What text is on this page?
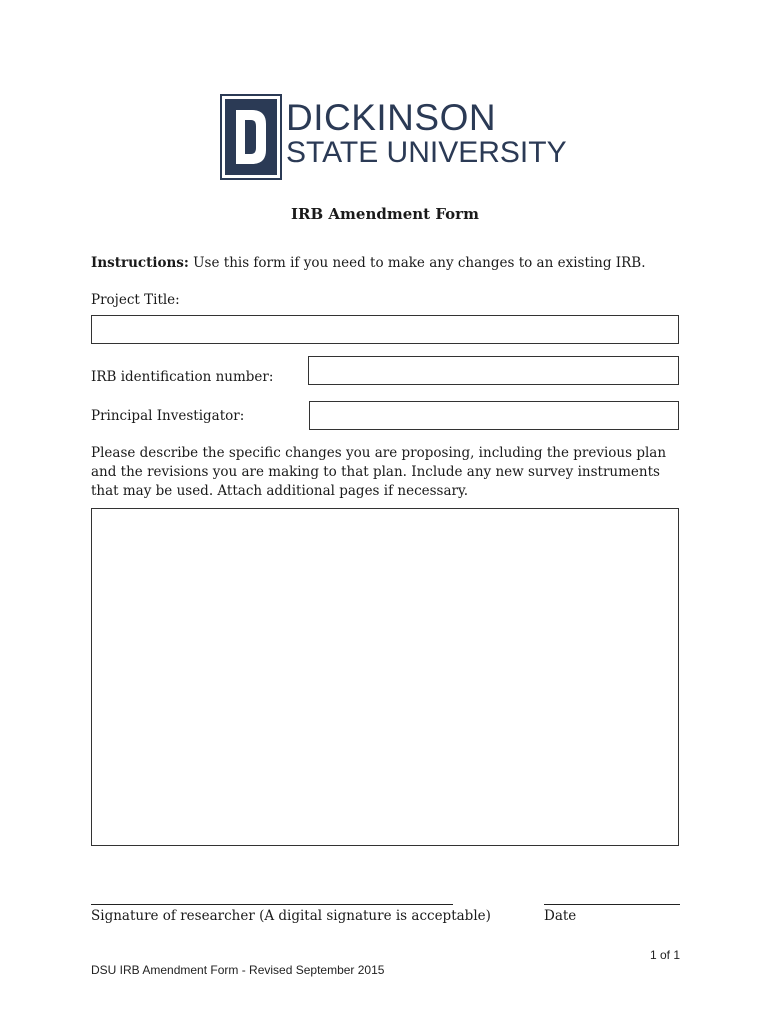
DICKINSON
STATE UNIVERSITY
IRB Amendment Form
Instructions: Use this form if you need to make any changes to an existing IRB.
Project Title:
IRB identification number:
Principal Investigator:
Please describe the specific changes you are proposing, including the previous plan and the revisions you are making to that plan. Include any new survey instruments that may be used. Attach additional pages if necessary.
Signature of researcher (A digital signature is acceptable)	Date
1 of 1
DSU IRB Amendment Form - Revised September 2015
